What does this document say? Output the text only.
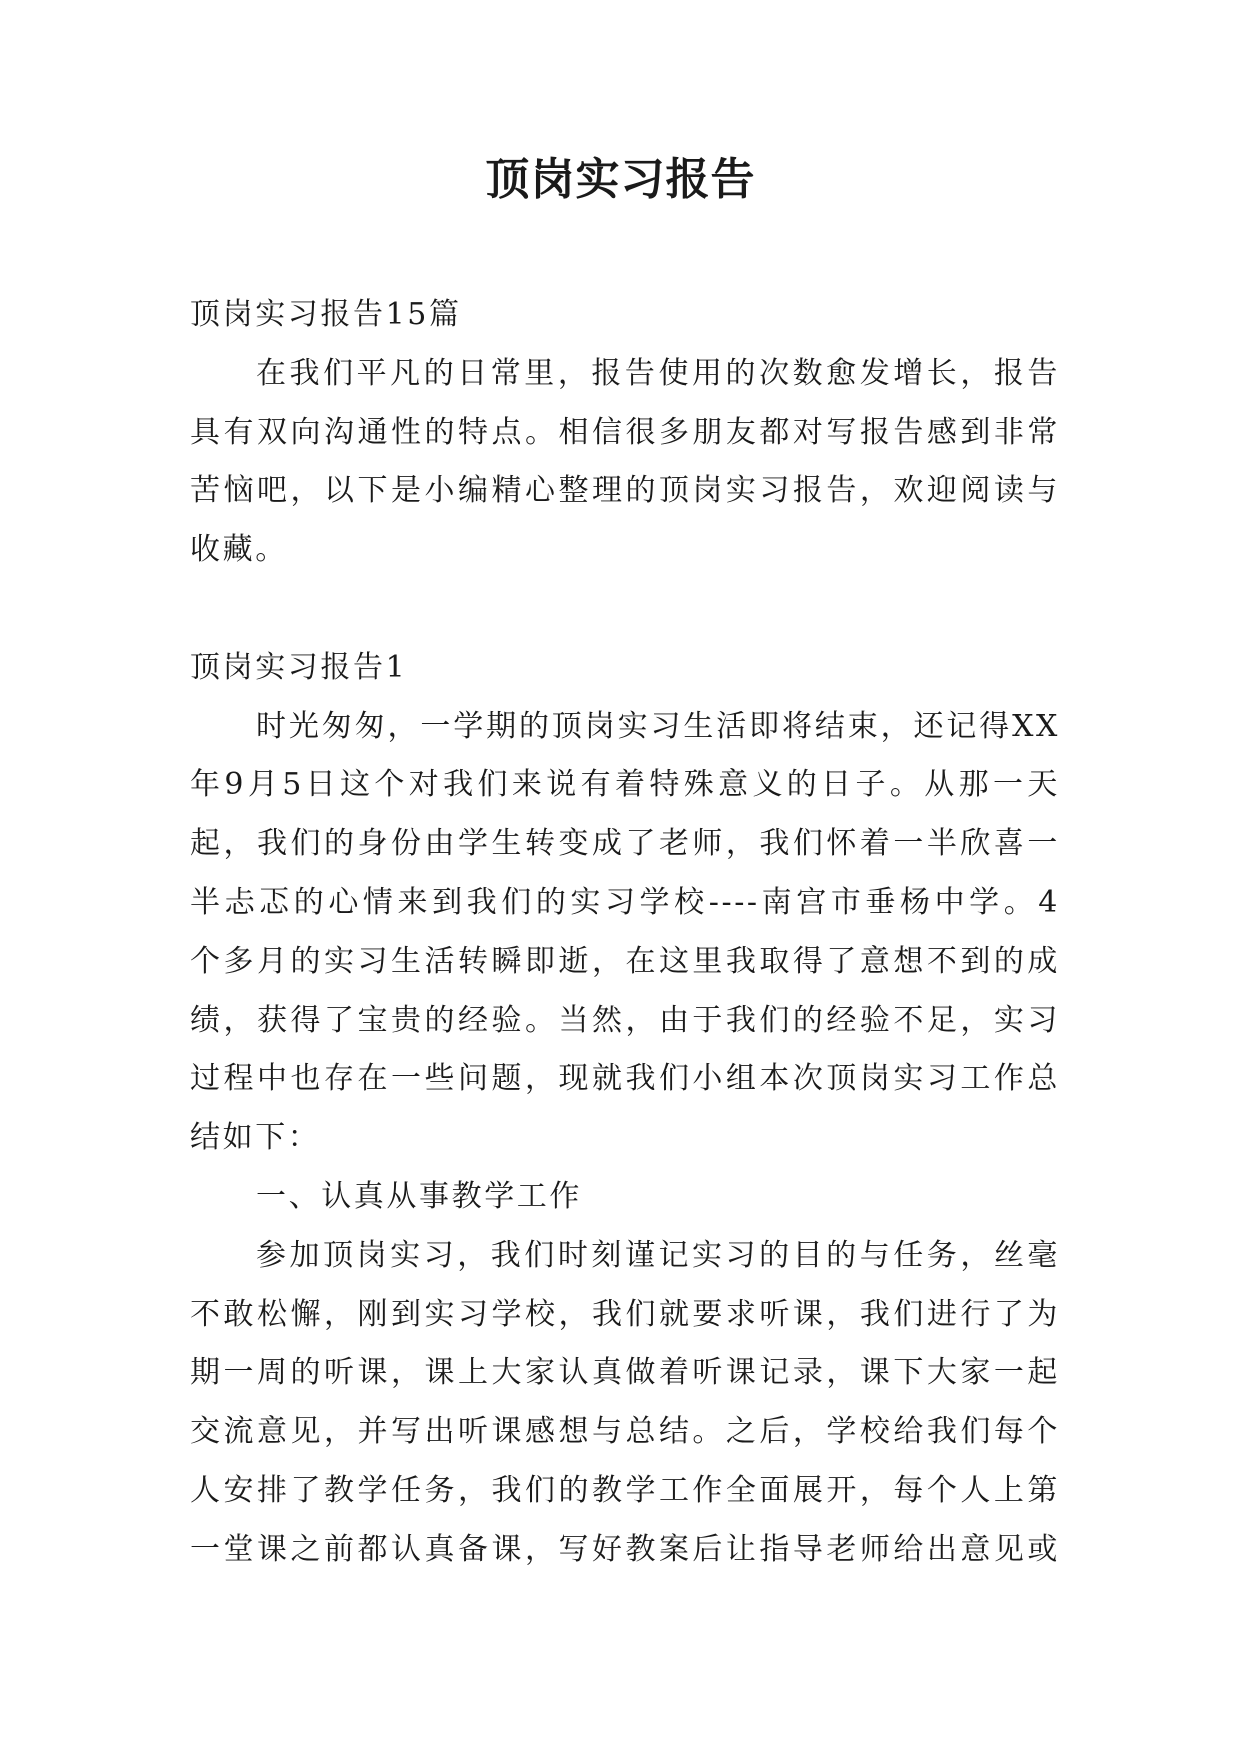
顶岗实习报告
顶岗实习报告15篇
在我们平凡的日常里，报告使用的次数愈发增长，报告
具有双向沟通性的特点。相信很多朋友都对写报告感到非常
苦恼吧，以下是小编精心整理的顶岗实习报告，欢迎阅读与
收藏。
顶岗实习报告1
时光匆匆，一学期的顶岗实习生活即将结束，还记得XX
年9月5日这个对我们来说有着特殊意义的日子。从那一天
起，我们的身份由学生转变成了老师，我们怀着一半欣喜一
半忐忑的心情来到我们的实习学校----南宫市垂杨中学。4
个多月的实习生活转瞬即逝，在这里我取得了意想不到的成
绩，获得了宝贵的经验。当然，由于我们的经验不足，实习
过程中也存在一些问题，现就我们小组本次顶岗实习工作总
结如下：
一、认真从事教学工作
参加顶岗实习，我们时刻谨记实习的目的与任务，丝毫
不敢松懈，刚到实习学校，我们就要求听课，我们进行了为
期一周的听课，课上大家认真做着听课记录，课下大家一起
交流意见，并写出听课感想与总结。之后，学校给我们每个
人安排了教学任务，我们的教学工作全面展开，每个人上第
一堂课之前都认真备课，写好教案后让指导老师给出意见或
